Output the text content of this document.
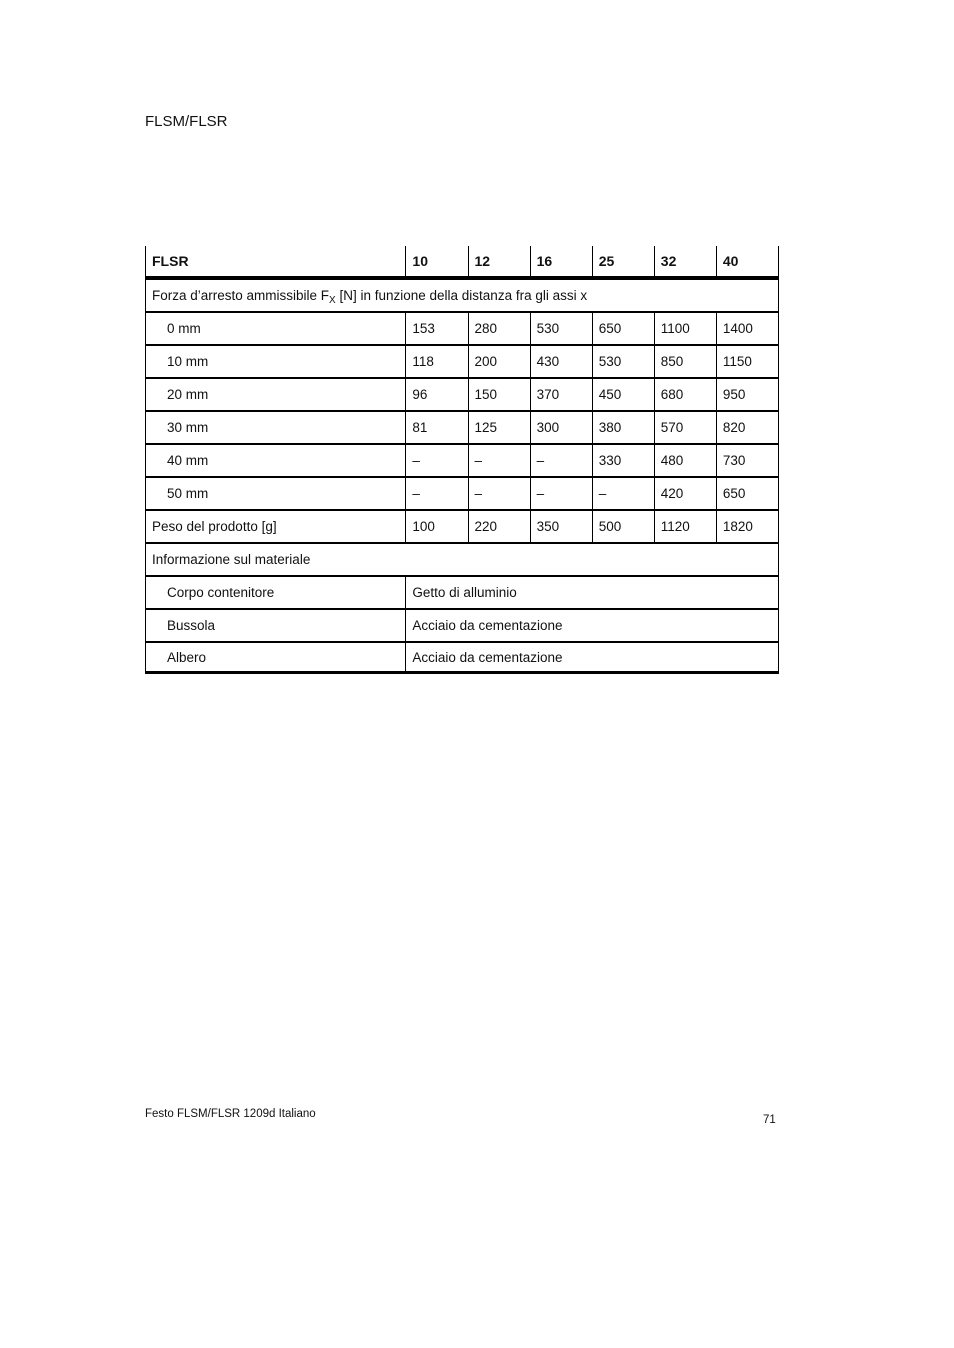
FLSM/FLSR
FLSR	10	12	16	25	32	40
Forza d’arresto ammissibile $F_X$ [N] in funzione della distanza fra gli assi x						
0 mm	153	280	530	650	1100	1400
10 mm	118	200	430	530	850	1150
20 mm	96	150	370	450	680	950
30 mm	81	125	300	380	570	820
40 mm	–	–	–	330	480	730
50 mm	–	–	–	–	420	650
Peso del prodotto [g]	100	220	350	500	1120	1820
Informazione sul materiale						
Corpo contenitore	Getto di alluminio					
Bussola	Acciaio da cementazione					
Albero	Acciaio da cementazione					
Festo FLSM/FLSR 1209d Italiano	71
